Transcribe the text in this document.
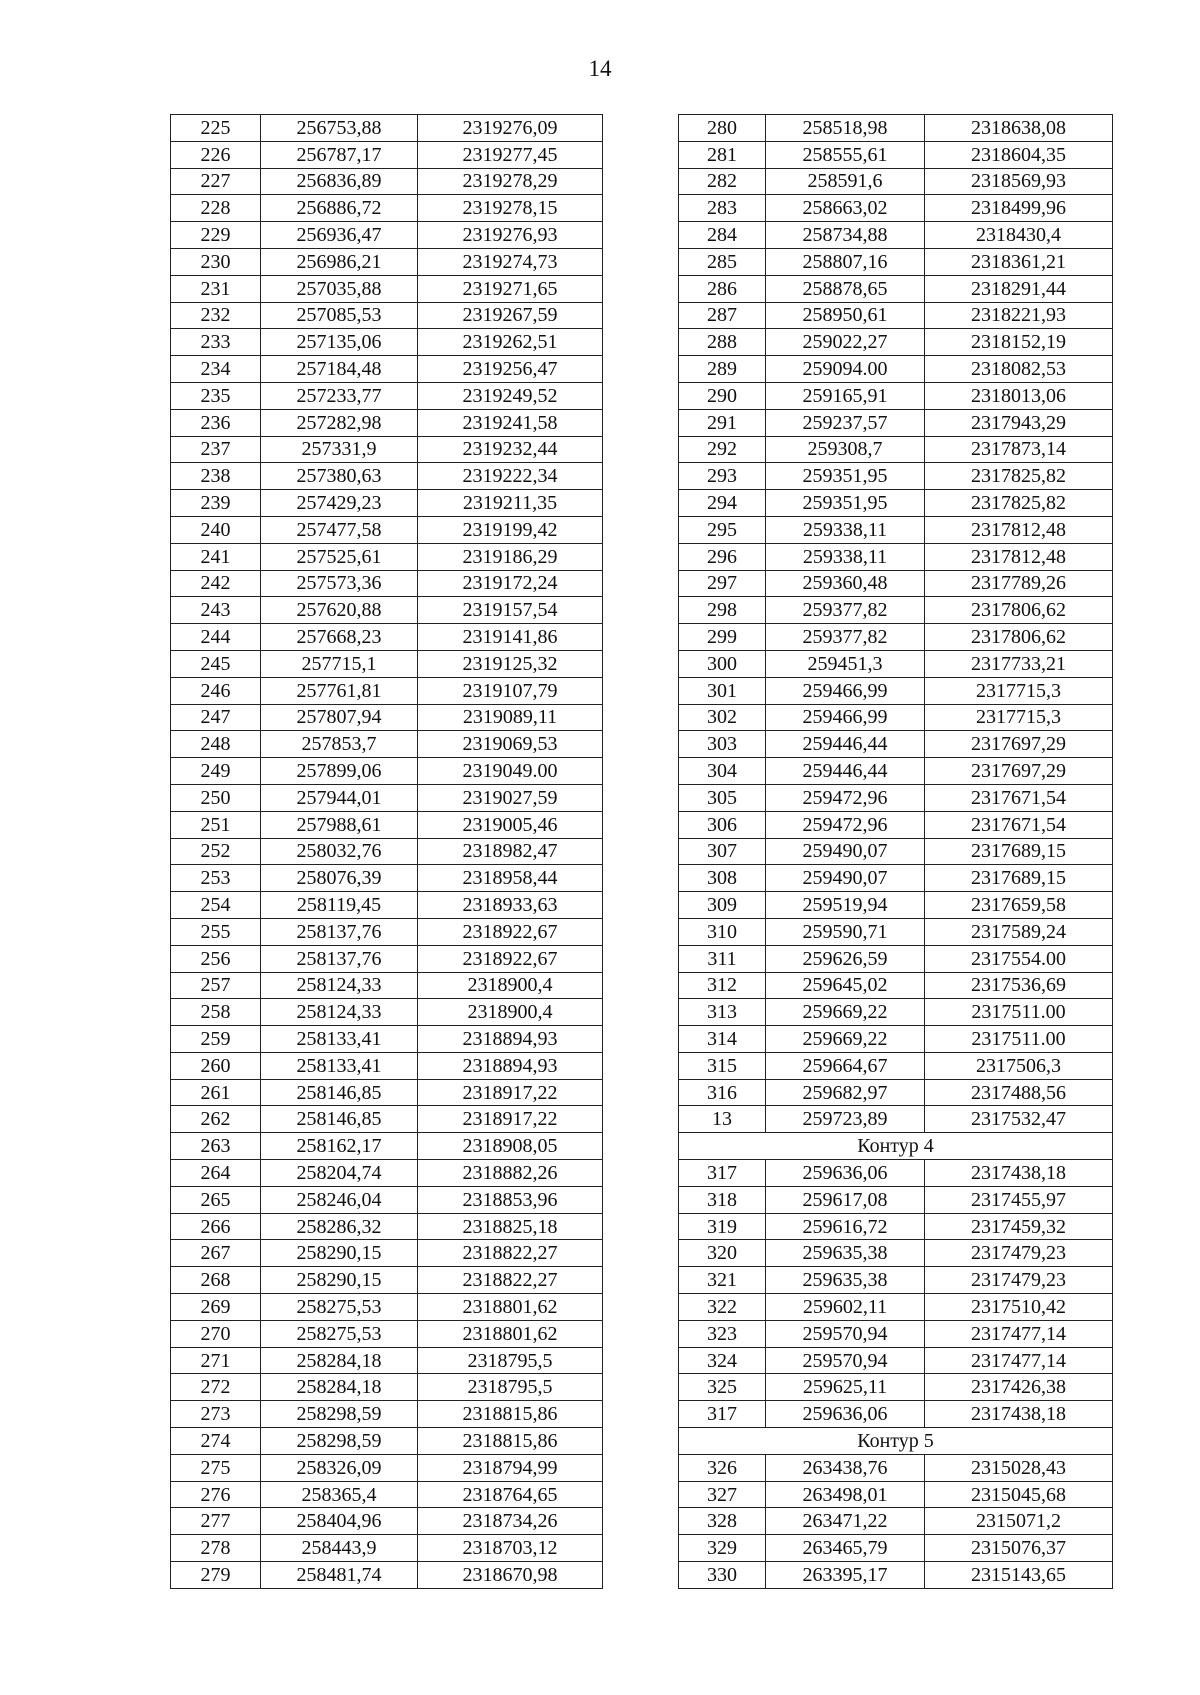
14
225	256753,88	2319276,09
226	256787,17	2319277,45
227	256836,89	2319278,29
228	256886,72	2319278,15
229	256936,47	2319276,93
230	256986,21	2319274,73
231	257035,88	2319271,65
232	257085,53	2319267,59
233	257135,06	2319262,51
234	257184,48	2319256,47
235	257233,77	2319249,52
236	257282,98	2319241,58
237	257331,9	2319232,44
238	257380,63	2319222,34
239	257429,23	2319211,35
240	257477,58	2319199,42
241	257525,61	2319186,29
242	257573,36	2319172,24
243	257620,88	2319157,54
244	257668,23	2319141,86
245	257715,1	2319125,32
246	257761,81	2319107,79
247	257807,94	2319089,11
248	257853,7	2319069,53
249	257899,06	2319049.00
250	257944,01	2319027,59
251	257988,61	2319005,46
252	258032,76	2318982,47
253	258076,39	2318958,44
254	258119,45	2318933,63
255	258137,76	2318922,67
256	258137,76	2318922,67
257	258124,33	2318900,4
258	258124,33	2318900,4
259	258133,41	2318894,93
260	258133,41	2318894,93
261	258146,85	2318917,22
262	258146,85	2318917,22
263	258162,17	2318908,05
264	258204,74	2318882,26
265	258246,04	2318853,96
266	258286,32	2318825,18
267	258290,15	2318822,27
268	258290,15	2318822,27
269	258275,53	2318801,62
270	258275,53	2318801,62
271	258284,18	2318795,5
272	258284,18	2318795,5
273	258298,59	2318815,86
274	258298,59	2318815,86
275	258326,09	2318794,99
276	258365,4	2318764,65
277	258404,96	2318734,26
278	258443,9	2318703,12
279	258481,74	2318670,98
280	258518,98	2318638,08
281	258555,61	2318604,35
282	258591,6	2318569,93
283	258663,02	2318499,96
284	258734,88	2318430,4
285	258807,16	2318361,21
286	258878,65	2318291,44
287	258950,61	2318221,93
288	259022,27	2318152,19
289	259094.00	2318082,53
290	259165,91	2318013,06
291	259237,57	2317943,29
292	259308,7	2317873,14
293	259351,95	2317825,82
294	259351,95	2317825,82
295	259338,11	2317812,48
296	259338,11	2317812,48
297	259360,48	2317789,26
298	259377,82	2317806,62
299	259377,82	2317806,62
300	259451,3	2317733,21
301	259466,99	2317715,3
302	259466,99	2317715,3
303	259446,44	2317697,29
304	259446,44	2317697,29
305	259472,96	2317671,54
306	259472,96	2317671,54
307	259490,07	2317689,15
308	259490,07	2317689,15
309	259519,94	2317659,58
310	259590,71	2317589,24
311	259626,59	2317554.00
312	259645,02	2317536,69
313	259669,22	2317511.00
314	259669,22	2317511.00
315	259664,67	2317506,3
316	259682,97	2317488,56
13	259723,89	2317532,47
Контур 4		
317	259636,06	2317438,18
318	259617,08	2317455,97
319	259616,72	2317459,32
320	259635,38	2317479,23
321	259635,38	2317479,23
322	259602,11	2317510,42
323	259570,94	2317477,14
324	259570,94	2317477,14
325	259625,11	2317426,38
317	259636,06	2317438,18
Контур 5		
326	263438,76	2315028,43
327	263498,01	2315045,68
328	263471,22	2315071,2
329	263465,79	2315076,37
330	263395,17	2315143,65
